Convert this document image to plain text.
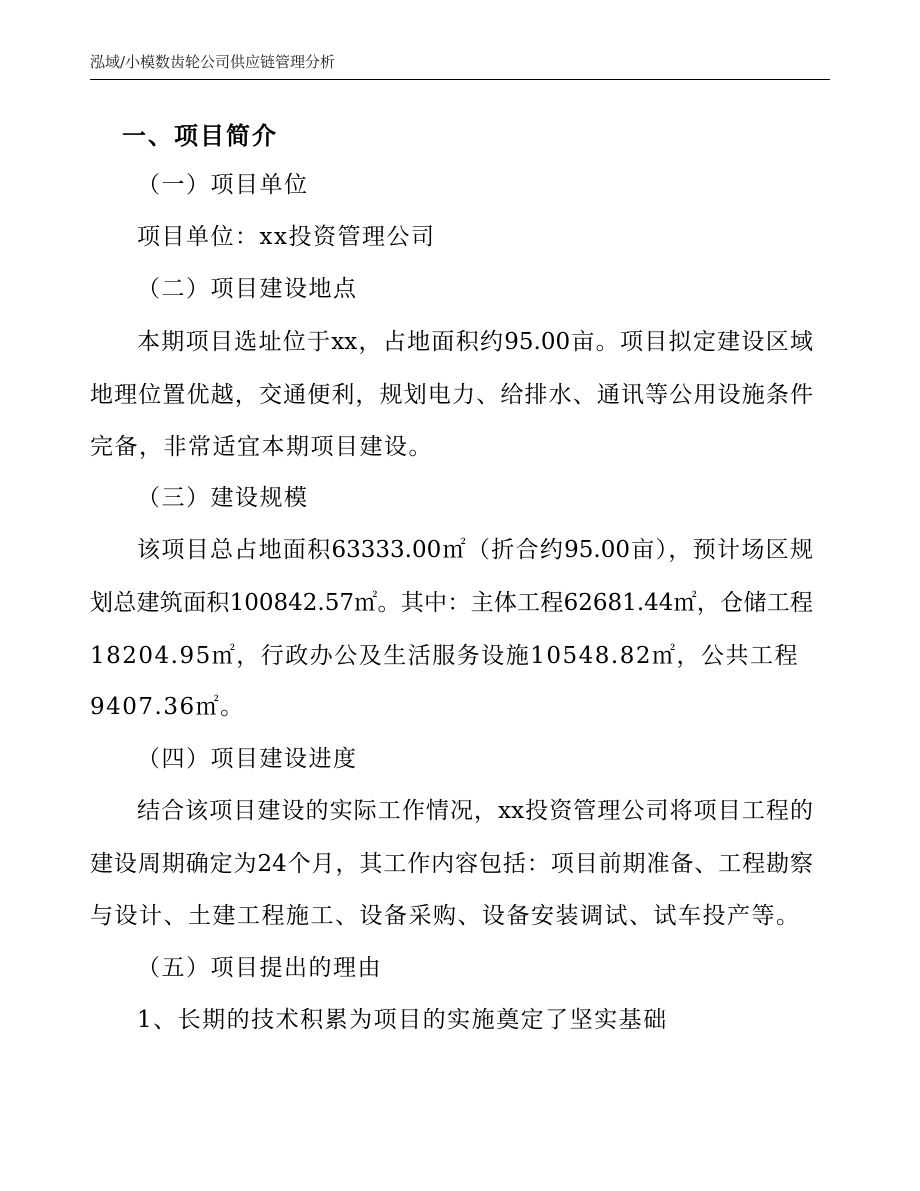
泓域/小模数齿轮公司供应链管理分析
一、项目简介
（一）项目单位
项目单位：xx投资管理公司
（二）项目建设地点
本期项目选址位于xx，占地面积约95.00亩。项目拟定建设区域
地理位置优越，交通便利，规划电力、给排水、通讯等公用设施条件
完备，非常适宜本期项目建设。
（三）建设规模
该项目总占地面积63333.00㎡（折合约95.00亩），预计场区规
划总建筑面积100842.57㎡。其中：主体工程62681.44㎡，仓储工程
18204.95㎡，行政办公及生活服务设施10548.82㎡，公共工程
9407.36㎡。
（四）项目建设进度
结合该项目建设的实际工作情况，xx投资管理公司将项目工程的
建设周期确定为24个月，其工作内容包括：项目前期准备、工程勘察
与设计、土建工程施工、设备采购、设备安装调试、试车投产等。
（五）项目提出的理由
1、长期的技术积累为项目的实施奠定了坚实基础
